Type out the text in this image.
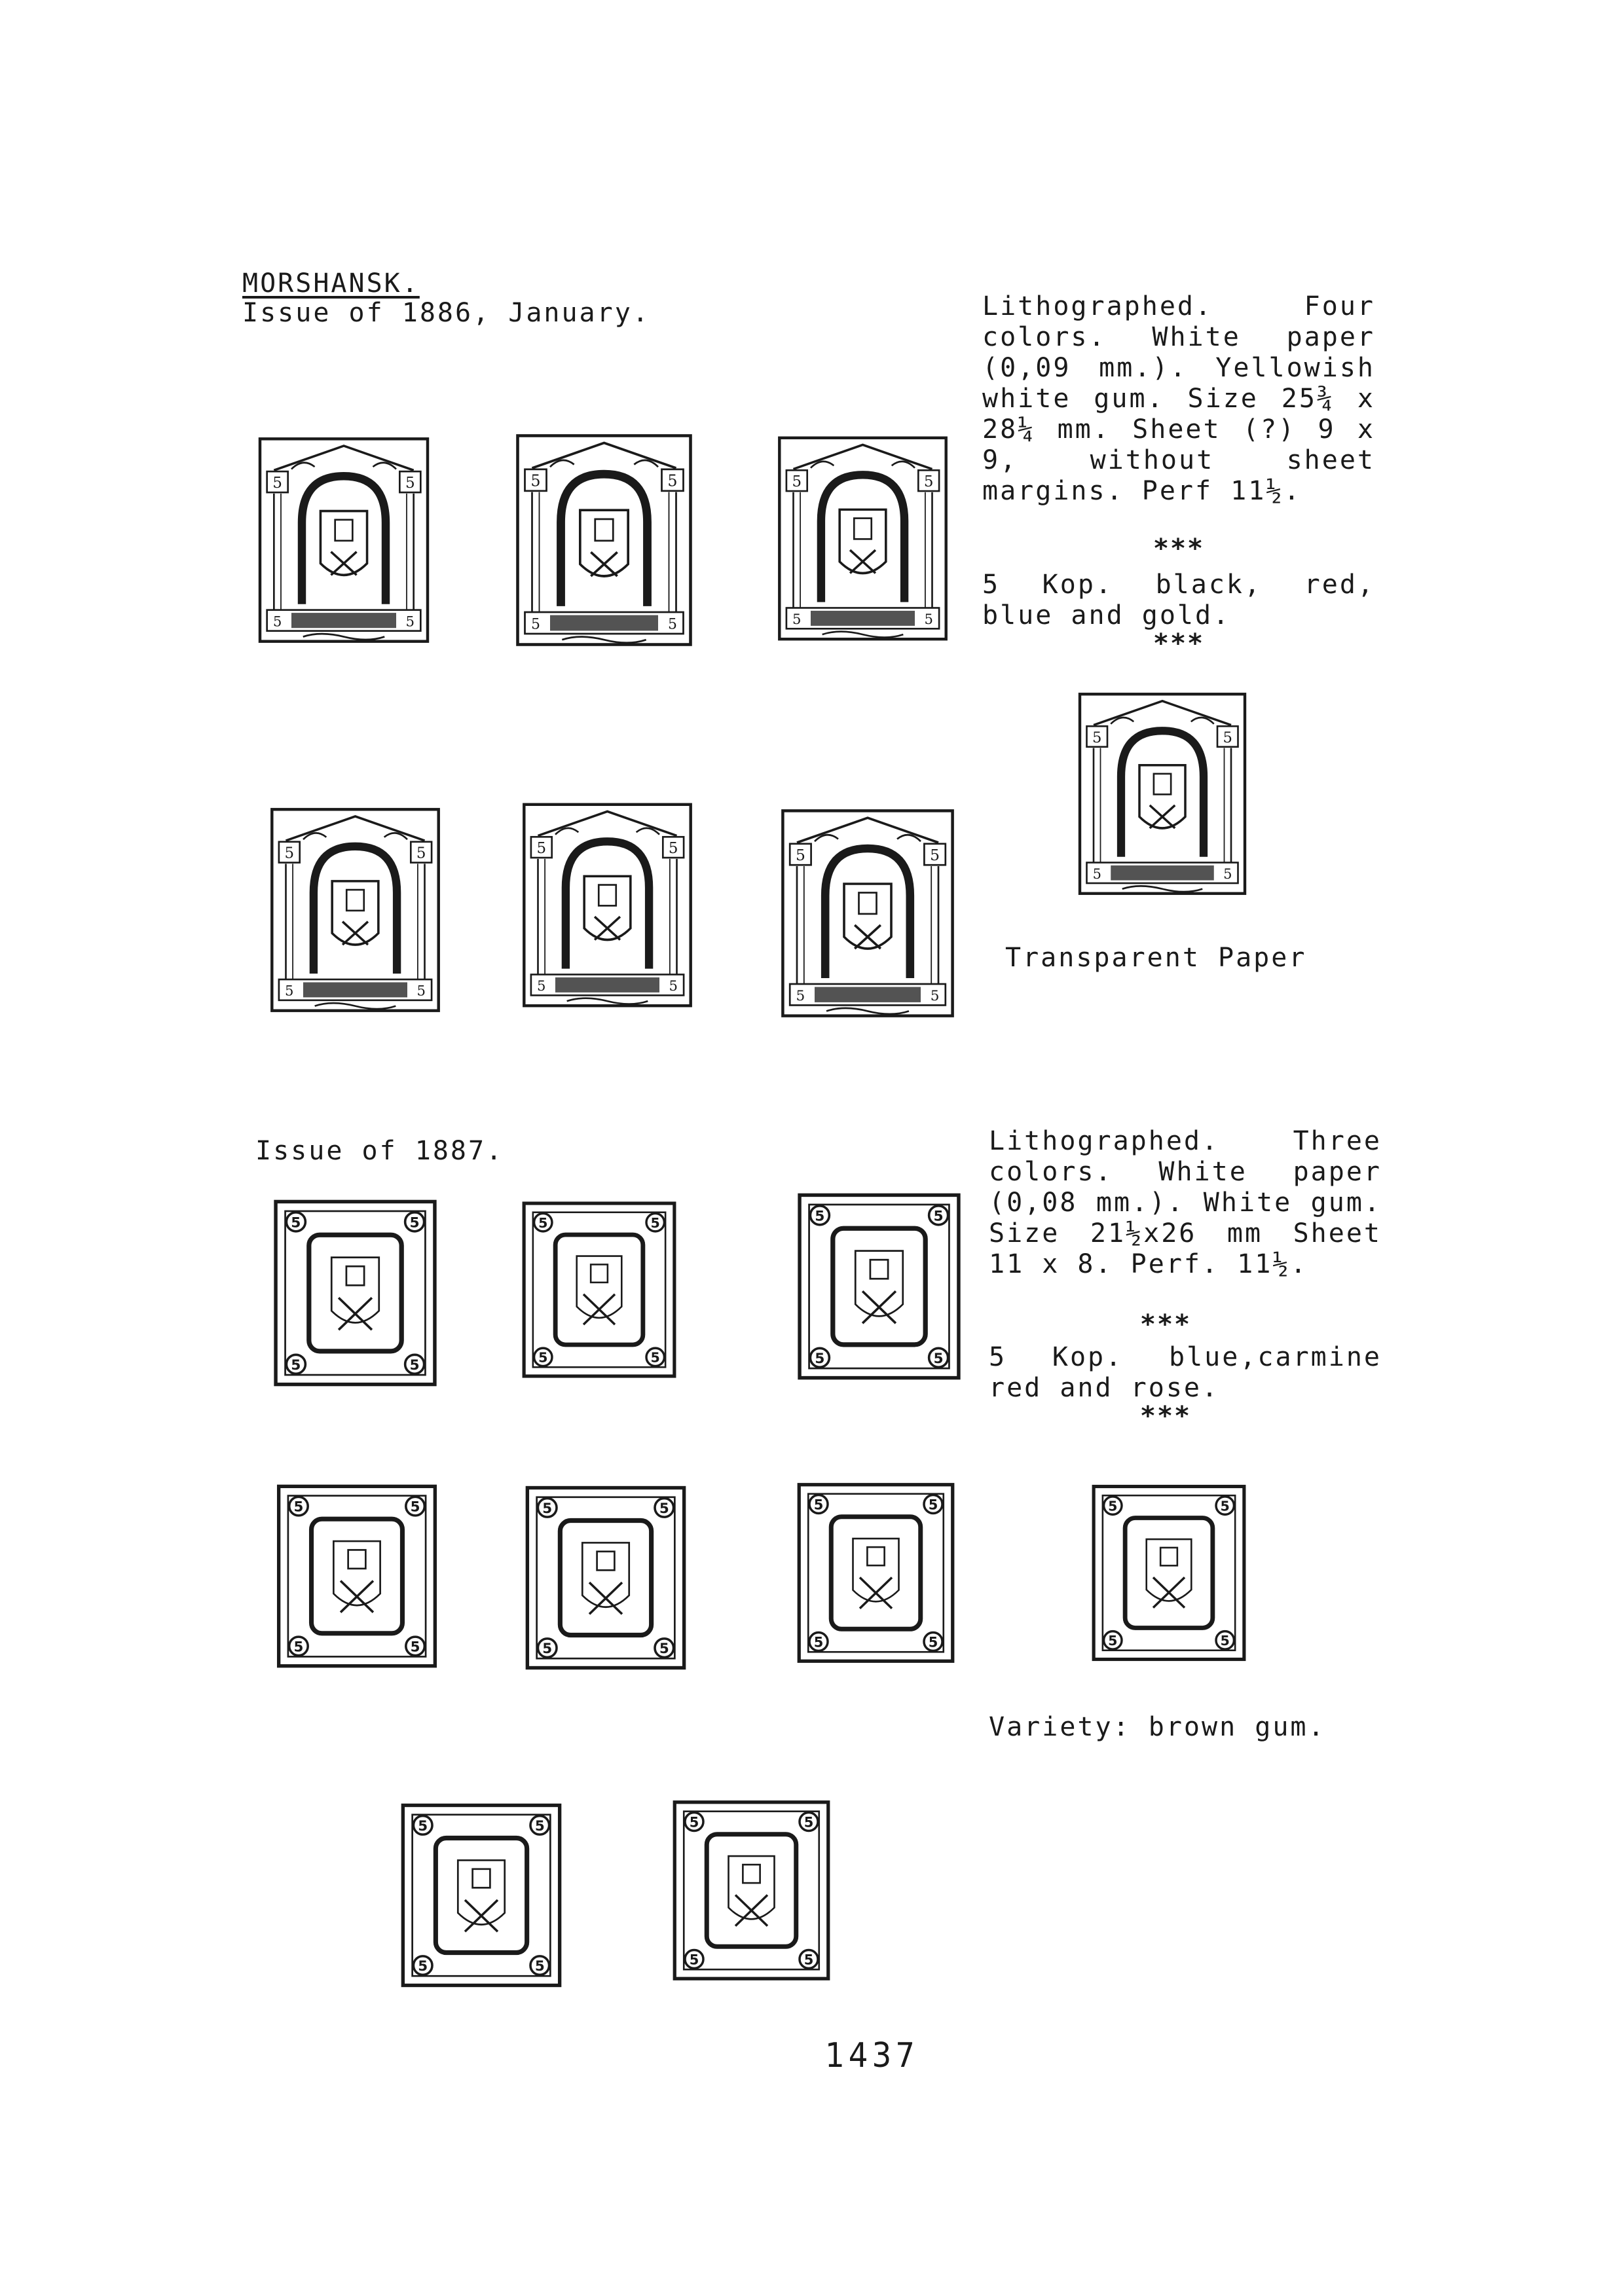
MORSHANSK.
Issue of 1886, January.	Lithographed. Four colors. White paper (0,09 mm.). Yellowish white gum. Size 25¾ x 28¼ mm. Sheet (?) 9 x 9, without sheet margins. Perf 11½.
***
5 Kop. black, red, blue and gold.
***
Transparent Paper
Issue of 1887.	Lithographed. Three colors. White paper (0,08 mm.). White gum. Size 21½x26 mm Sheet 11 x 8. Perf. 11½.
***
5 Kop. blue,carmine red and rose.
***
Variety: brown gum.
1437
